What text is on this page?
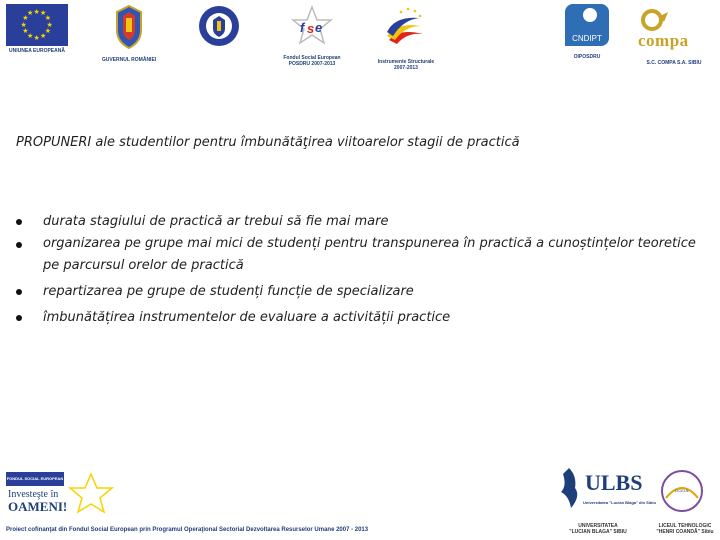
★
★
★
★
★
★
★
★
★ ★ ★
★
UNIUNEA EUROPEANĂ
GUVERNUL ROMÂNIEI
f s e
Fondul Social European
POSDRU 2007-2013	Instrumente Structurale
2007-2013
CNDIPT
OIPOSDRU
compa
S.C. COMPA S.A. SIBIU
PROPUNERI ale studentilor pentru îmbunătăţirea viitoarelor stagii de practică
durata stagiului de practică ar trebui să fie mai mare
organizarea pe grupe mai mici de studenți pentru transpunerea în practică a cunoștințelor teoretice pe parcursul orelor de practică
repartizarea pe grupe de studenți funcție de specializare
îmbunătățirea instrumentelor de evaluare a activității practice
FONDUL SOCIAL EUROPEAN
Investeşte în
OAMENI!
Proiect cofinanţat din Fondul Social European prin Programul Operaţional Sectorial Dezvoltarea Resurselor Umane 2007 - 2013
ULBS
Universitatea "Lucian Blaga" din Sibiu
UNIVERSITATEA
"LUCIAN BLAGA" SIBIU
LICEUL
LICEUL TEHNOLOGIC
"HENRI COANDĂ" Sibiu
